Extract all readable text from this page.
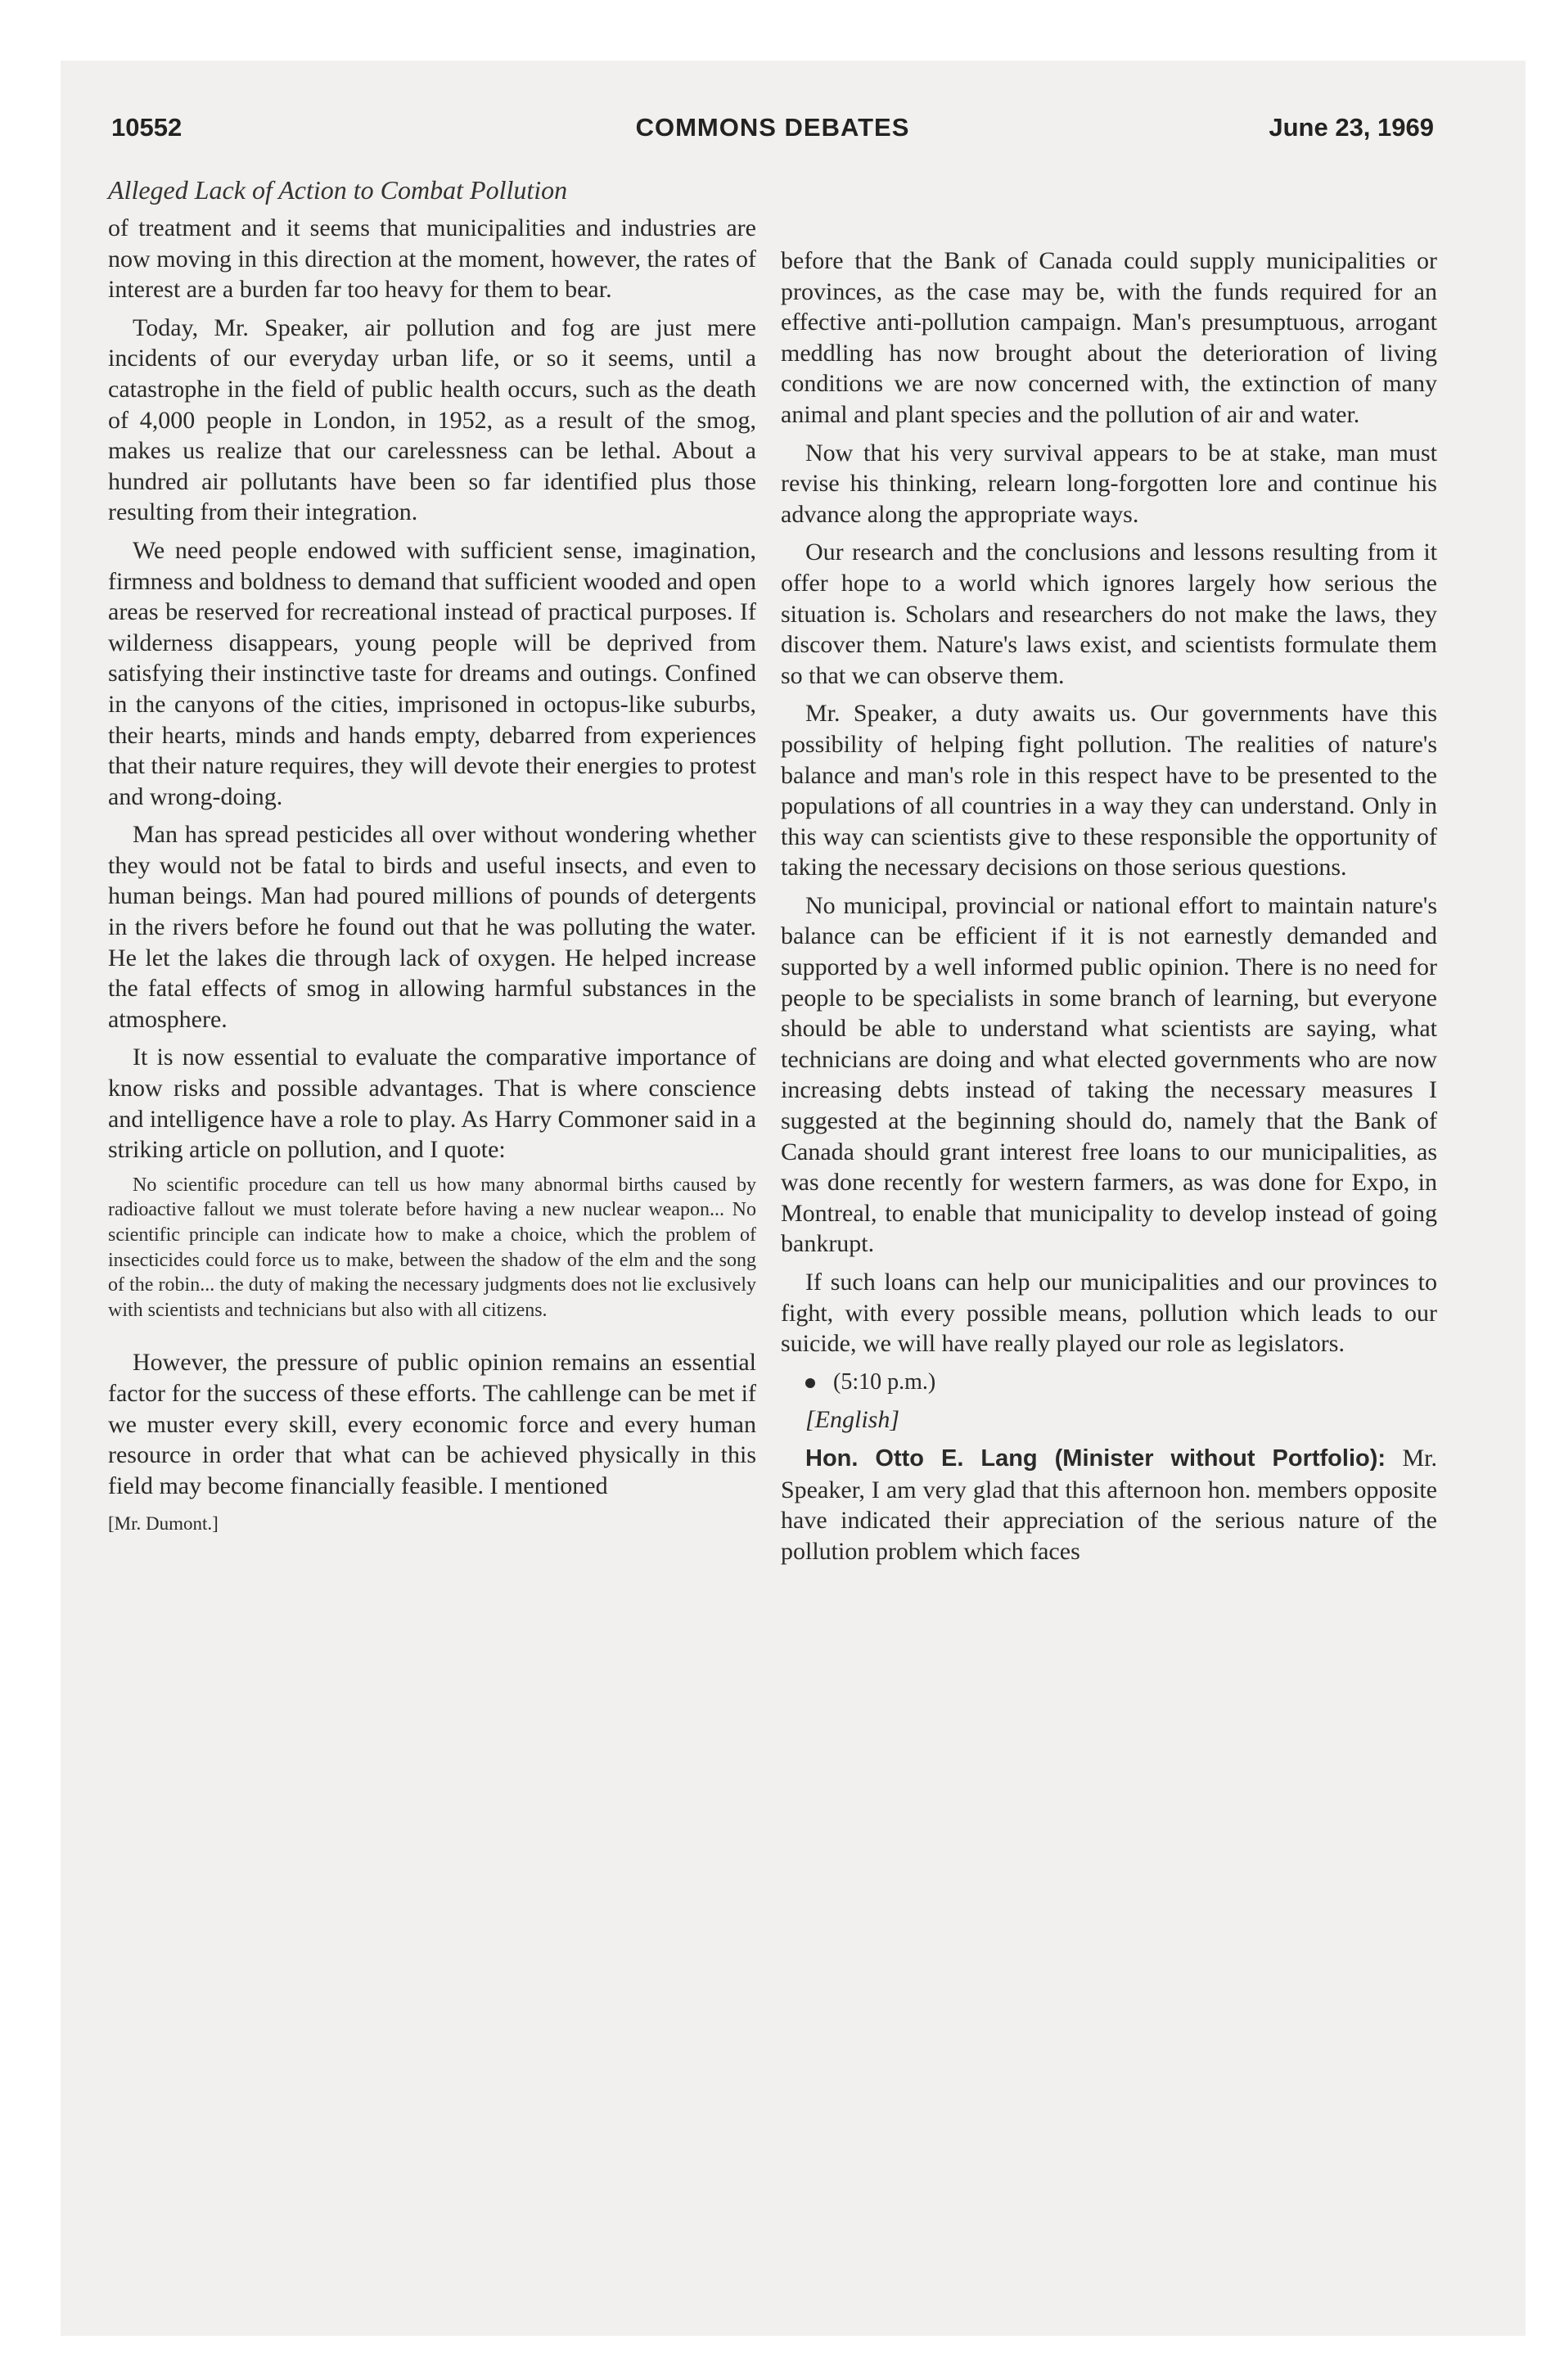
10552	COMMONS DEBATES	June 23, 1969
Alleged Lack of Action to Combat Pollution

of treatment and it seems that municipalities and industries are now moving in this direction at the moment, however, the rates of interest are a burden far too heavy for them to bear.

Today, Mr. Speaker, air pollution and fog are just mere incidents of our everyday urban life, or so it seems, until a catastrophe in the field of public health occurs, such as the death of 4,000 people in London, in 1952, as a result of the smog, makes us realize that our carelessness can be lethal. About a hundred air pollutants have been so far identified plus those resulting from their integration.

We need people endowed with sufficient sense, imagination, firmness and boldness to demand that sufficient wooded and open areas be reserved for recreational instead of practical purposes. If wilderness disappears, young people will be deprived from satisfying their instinctive taste for dreams and outings. Confined in the canyons of the cities, imprisoned in octopus-like suburbs, their hearts, minds and hands empty, debarred from experiences that their nature requires, they will devote their energies to protest and wrong-doing.

Man has spread pesticides all over without wondering whether they would not be fatal to birds and useful insects, and even to human beings. Man had poured millions of pounds of detergents in the rivers before he found out that he was polluting the water. He let the lakes die through lack of oxygen. He helped increase the fatal effects of smog in allowing harmful substances in the atmosphere.

It is now essential to evaluate the comparative importance of know risks and possible advantages. That is where conscience and intelligence have a role to play. As Harry Commoner said in a striking article on pollution, and I quote:

No scientific procedure can tell us how many abnormal births caused by radioactive fallout we must tolerate before having a new nuclear weapon... No scientific principle can indicate how to make a choice, which the problem of insecticides could force us to make, between the shadow of the elm and the song of the robin... the duty of making the necessary judgments does not lie exclusively with scientists and technicians but also with all citizens.

However, the pressure of public opinion remains an essential factor for the success of these efforts. The cahllenge can be met if we muster every skill, every economic force and every human resource in order that what can be achieved physically in this field may become financially feasible. I mentioned

[Mr. Dumont.]

before that the Bank of Canada could supply municipalities or provinces, as the case may be, with the funds required for an effective anti-pollution campaign. Man's presumptuous, arrogant meddling has now brought about the deterioration of living conditions we are now concerned with, the extinction of many animal and plant species and the pollution of air and water.

Now that his very survival appears to be at stake, man must revise his thinking, relearn long-forgotten lore and continue his advance along the appropriate ways.

Our research and the conclusions and lessons resulting from it offer hope to a world which ignores largely how serious the situation is. Scholars and researchers do not make the laws, they discover them. Nature's laws exist, and scientists formulate them so that we can observe them.

Mr. Speaker, a duty awaits us. Our governments have this possibility of helping fight pollution. The realities of nature's balance and man's role in this respect have to be presented to the populations of all countries in a way they can understand. Only in this way can scientists give to these responsible the opportunity of taking the necessary decisions on those serious questions.

No municipal, provincial or national effort to maintain nature's balance can be efficient if it is not earnestly demanded and supported by a well informed public opinion. There is no need for people to be specialists in some branch of learning, but everyone should be able to understand what scientists are saying, what technicians are doing and what elected governments who are now increasing debts instead of taking the necessary measures I suggested at the beginning should do, namely that the Bank of Canada should grant interest free loans to our municipalities, as was done recently for western farmers, as was done for Expo, in Montreal, to enable that municipality to develop instead of going bankrupt.

If such loans can help our municipalities and our provinces to fight, with every possible means, pollution which leads to our suicide, we will have really played our role as legislators.

(5:10 p.m.)

[English]

Hon. Otto E. Lang (Minister without Portfolio): Mr. Speaker, I am very glad that this afternoon hon. members opposite have indicated their appreciation of the serious nature of the pollution problem which faces
